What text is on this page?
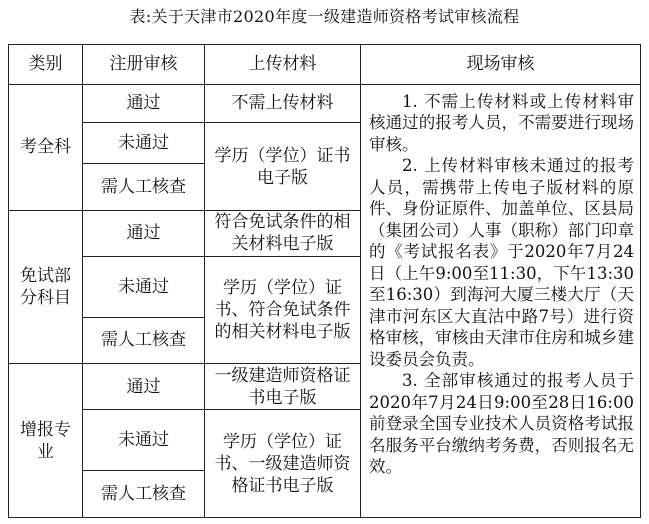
表:关于天津市2020年度一级建造师资格考试审核流程
类别	注册审核	上传材料	现场审核
考全科	通过	不需上传材料	1. 不需上传材料或上传材料审核通过的报考人员，不需要进行现场审核。

2. 上传材料审核未通过的报考人员，需携带上传电子版材料的原件、身份证原件、加盖单位、区县局（集团公司）人事（职称）部门印章的《考试报名表》于2020年7月24日（上午9:00至11:30，下午13:30至16:30）到海河大厦三楼大厅（天津市河东区大直沽中路7号）进行资格审核，审核由天津市住房和城乡建设委员会负责。

3. 全部审核通过的报考人员于2020年7月24日9:00至28日16:00前登录全国专业技术人员资格考试报名服务平台缴纳考务费，否则报名无效。

	未通过	学历（学位）证书电子版	
	需人工核查		
免试部分科目	通过	符合免试条件的相关材料电子版	
	未通过	学历（学位）证书、符合免试条件的相关材料电子版	
	需人工核查		
增报专业	通过	一级建造师资格证书电子版	
	未通过	学历（学位）证书、一级建造师资格证书电子版	
	需人工核查		
